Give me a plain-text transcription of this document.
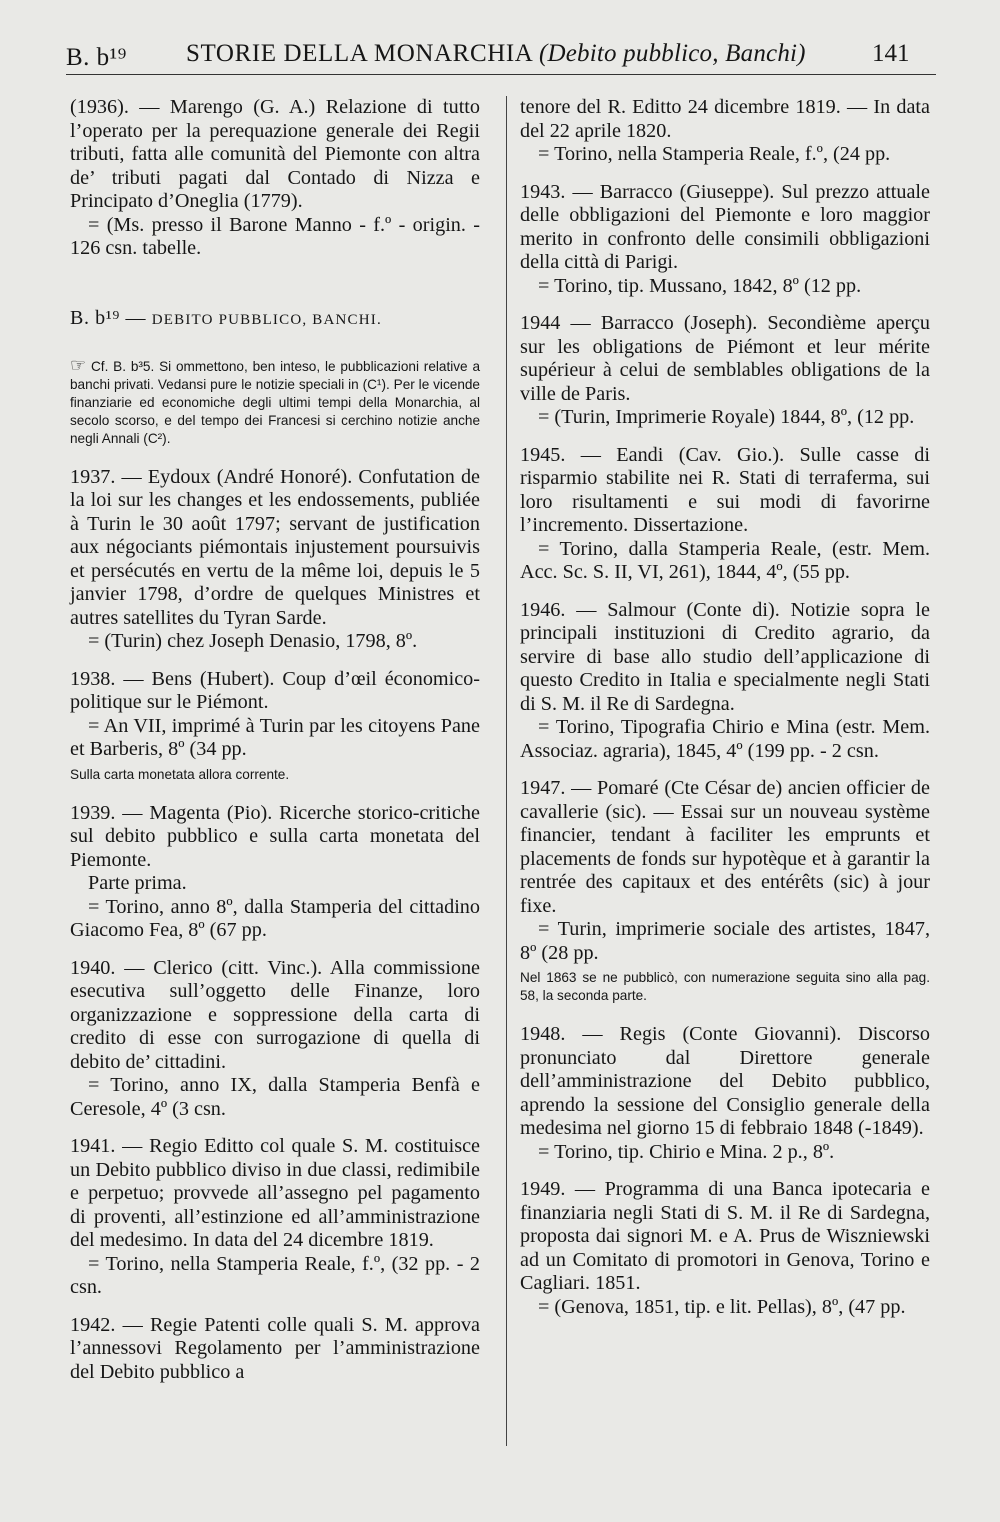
B. b¹⁹ STORIE DELLA MONARCHIA (Debito pubblico, Banchi)	141

(1936). — Marengo (G. A.) Relazione di tutto l’operato per la perequazione generale dei Regii tributi, fatta alle comunità del Piemonte con altra de’ tributi pagati dal Contado di Nizza e Principato d’Oneglia (1779).

= (Ms. presso il Barone Manno - f.º - origin. - 126 csn. tabelle.

B. b¹⁹ — DEBITO PUBBLICO, BANCHI.
☞ Cf. B. b³5. Si ommettono, ben inteso, le pubblicazioni relative a banchi privati. Vedansi pure le notizie speciali in (C¹). Per le vicende finanziarie ed economiche degli ultimi tempi della Monarchia, al secolo scorso, e del tempo dei Francesi si cerchino notizie anche negli Annali (C²).

1937. — Eydoux (André Honoré). Confutation de la loi sur les changes et les endossements, publiée à Turin le 30 août 1797; servant de justification aux négociants piémontais injustement poursuivis et persécutés en vertu de la même loi, depuis le 5 janvier 1798, d’ordre de quelques Ministres et autres satellites du Tyran Sarde.

= (Turin) chez Joseph Denasio, 1798, 8º.

1938. — Bens (Hubert). Coup d’œil économico-politique sur le Piémont.

= An VII, imprimé à Turin par les citoyens Pane et Barberis, 8º (34 pp.

Sulla carta monetata allora corrente.

1939. — Magenta (Pio). Ricerche storico-critiche sul debito pubblico e sulla carta monetata del Piemonte.

Parte prima.

= Torino, anno 8º, dalla Stamperia del cittadino Giacomo Fea, 8º (67 pp.

1940. — Clerico (citt. Vinc.). Alla commissione esecutiva sull’oggetto delle Finanze, loro organizzazione e soppressione della carta di credito di esse con surrogazione di quella di debito de’ cittadini.

= Torino, anno IX, dalla Stamperia Benfà e Ceresole, 4º (3 csn.

1941. — Regio Editto col quale S. M. costituisce un Debito pubblico diviso in due classi, redimibile e perpetuo; provvede all’assegno pel pagamento di proventi, all’estinzione ed all’amministrazione del medesimo. In data del 24 dicembre 1819.

= Torino, nella Stamperia Reale, f.º, (32 pp. - 2 csn.

1942. — Regie Patenti colle quali S. M. approva l’annessovi Regolamento per l’amministrazione del Debito pubblico a

tenore del R. Editto 24 dicembre 1819. — In data del 22 aprile 1820.

= Torino, nella Stamperia Reale, f.º, (24 pp.

1943. — Barracco (Giuseppe). Sul prezzo attuale delle obbligazioni del Piemonte e loro maggior merito in confronto delle consimili obbligazioni della città di Parigi.

= Torino, tip. Mussano, 1842, 8º (12 pp.

1944 — Barracco (Joseph). Secondième aperçu sur les obligations de Piémont et leur mérite supérieur à celui de semblables obligations de la ville de Paris.

= (Turin, Imprimerie Royale) 1844, 8º, (12 pp.

1945. — Eandi (Cav. Gio.). Sulle casse di risparmio stabilite nei R. Stati di terraferma, sui loro risultamenti e sui modi di favorirne l’incremento. Dissertazione.

= Torino, dalla Stamperia Reale, (estr. Mem. Acc. Sc. S. II, VI, 261), 1844, 4º, (55 pp.

1946. — Salmour (Conte di). Notizie sopra le principali instituzioni di Credito agrario, da servire di base allo studio dell’applicazione di questo Credito in Italia e specialmente negli Stati di S. M. il Re di Sardegna.

= Torino, Tipografia Chirio e Mina (estr. Mem. Associaz. agraria), 1845, 4º (199 pp. - 2 csn.

1947. — Pomaré (Cte César de) ancien officier de cavallerie (sic). — Essai sur un nouveau système financier, tendant à faciliter les emprunts et placements de fonds sur hypotèque et à garantir la rentrée des capitaux et des entérêts (sic) à jour fixe.

= Turin, imprimerie sociale des artistes, 1847, 8º (28 pp.

Nel 1863 se ne pubblicò, con numerazione seguita sino alla pag. 58, la seconda parte.

1948. — Regis (Conte Giovanni). Discorso pronunciato dal Direttore generale dell’amministrazione del Debito pubblico, aprendo la sessione del Consiglio generale della medesima nel giorno 15 di febbraio 1848 (-1849).

= Torino, tip. Chirio e Mina. 2 p., 8º.

1949. — Programma di una Banca ipotecaria e finanziaria negli Stati di S. M. il Re di Sardegna, proposta dai signori M. e A. Prus de Wiszniewski ad un Comitato di promotori in Genova, Torino e Cagliari. 1851.

= (Genova, 1851, tip. e lit. Pellas), 8º, (47 pp.
